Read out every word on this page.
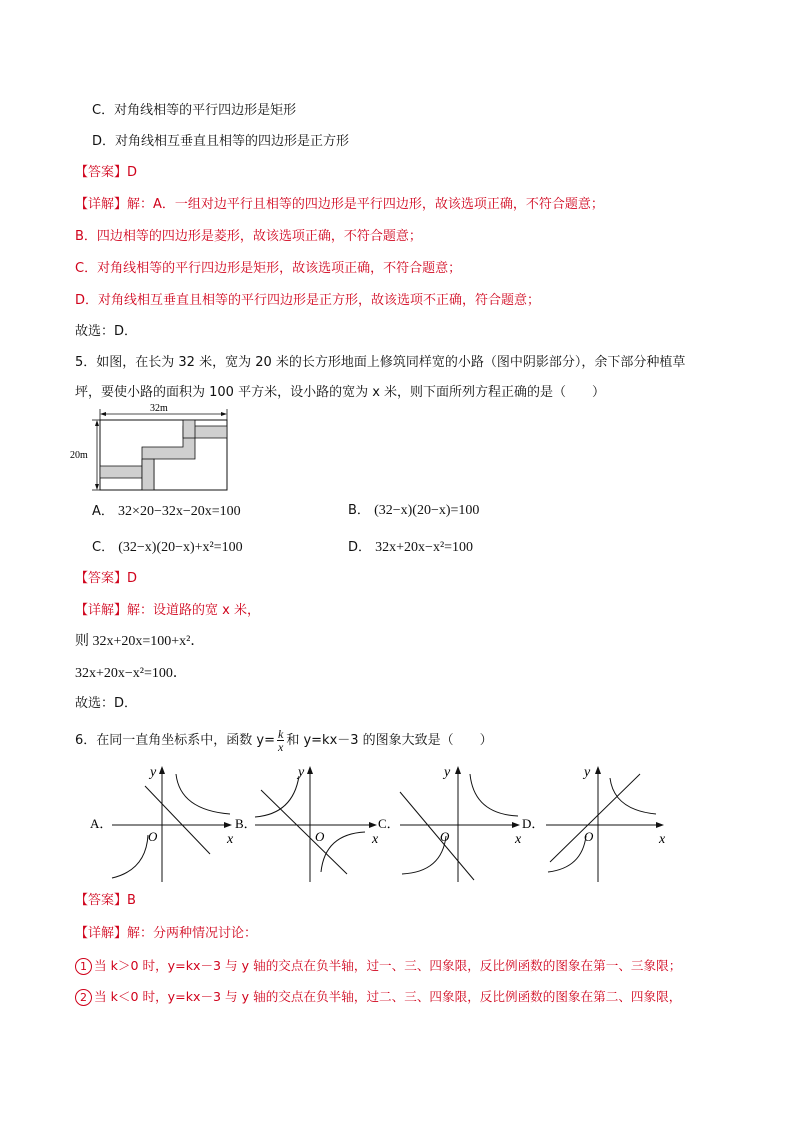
C．对角线相等的平行四边形是矩形
D．对角线相互垂直且相等的四边形是正方形
【答案】D
【详解】解：A．一组对边平行且相等的四边形是平行四边形，故该选项正确，不符合题意；
B．四边相等的四边形是菱形，故该选项正确，不符合题意；
C．对角线相等的平行四边形是矩形，故该选项正确，不符合题意；
D．对角线相互垂直且相等的平行四边形是正方形，故该选项不正确，符合题意；
故选：D．
5．如图，在长为 32 米，宽为 20 米的长方形地面上修筑同样宽的小路（图中阴影部分），余下部分种植草
坪，要使小路的面积为 100 平方米，设小路的宽为 x 米，则下面所列方程正确的是（　　）
32m
20m
A． 32×20−32x−20x=100	B． (32−x)(20−x)=100
C． (32−x)(20−x)+x²=100	D． 32x+20x−x²=100
【答案】D
【详解】解：设道路的宽 x 米，
则 32x+20x=100+x²．
32x+20x−x²=100．
故选：D．
6．在同一直角坐标系中，函数 $y= \frac{k}{x}$ 和 y=kx－3 的图象大致是（　　）
A．
y
x
O
B．
y
x
O
C．
y
x
O
D．
y
x
O
【答案】B
【详解】解：分两种情况讨论：
1 当 k＞0 时，y=kx－3 与 y 轴的交点在负半轴，过一、三、四象限，反比例函数的图象在第一、三象限；
2 当 k＜0 时，y=kx－3 与 y 轴的交点在负半轴，过二、三、四象限，反比例函数的图象在第二、四象限，
